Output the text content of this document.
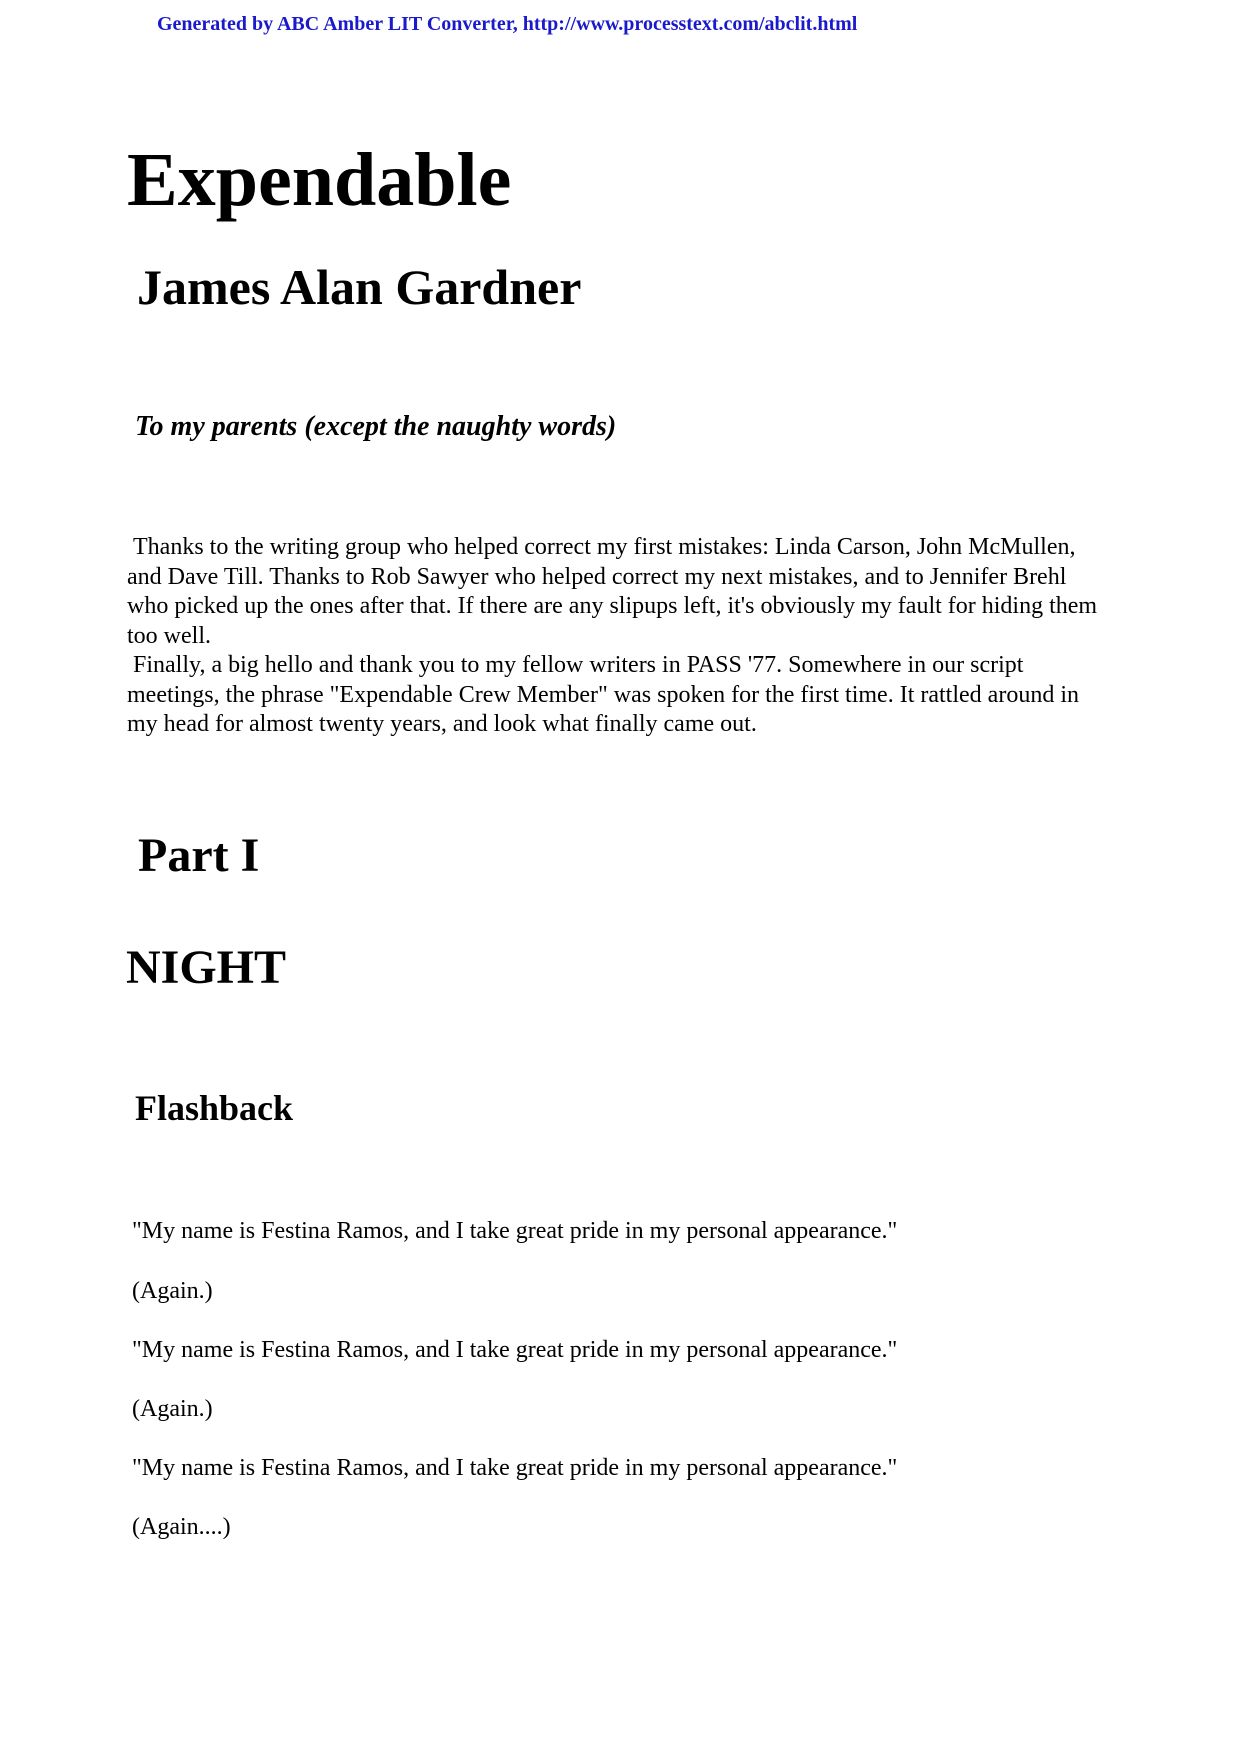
Generated by ABC Amber LIT Converter, http://www.processtext.com/abclit.html
Expendable
James Alan Gardner

To my parents (except the naughty words)

Thanks to the writing group who helped correct my first mistakes: Linda Carson, John McMullen, and Dave Till. Thanks to Rob Sawyer who helped correct my next mistakes, and to Jennifer Brehl who picked up the ones after that. If there are any slipups left, it's obviously my fault for hiding them too well.

Finally, a big hello and thank you to my fellow writers in PASS '77. Somewhere in our script meetings, the phrase "Expendable Crew Member" was spoken for the first time. It rattled around in my head for almost twenty years, and look what finally came out.

Part I
NIGHT
Flashback

"My name is Festina Ramos, and I take great pride in my personal appearance."

(Again.)

"My name is Festina Ramos, and I take great pride in my personal appearance."

(Again.)

"My name is Festina Ramos, and I take great pride in my personal appearance."

(Again....)
